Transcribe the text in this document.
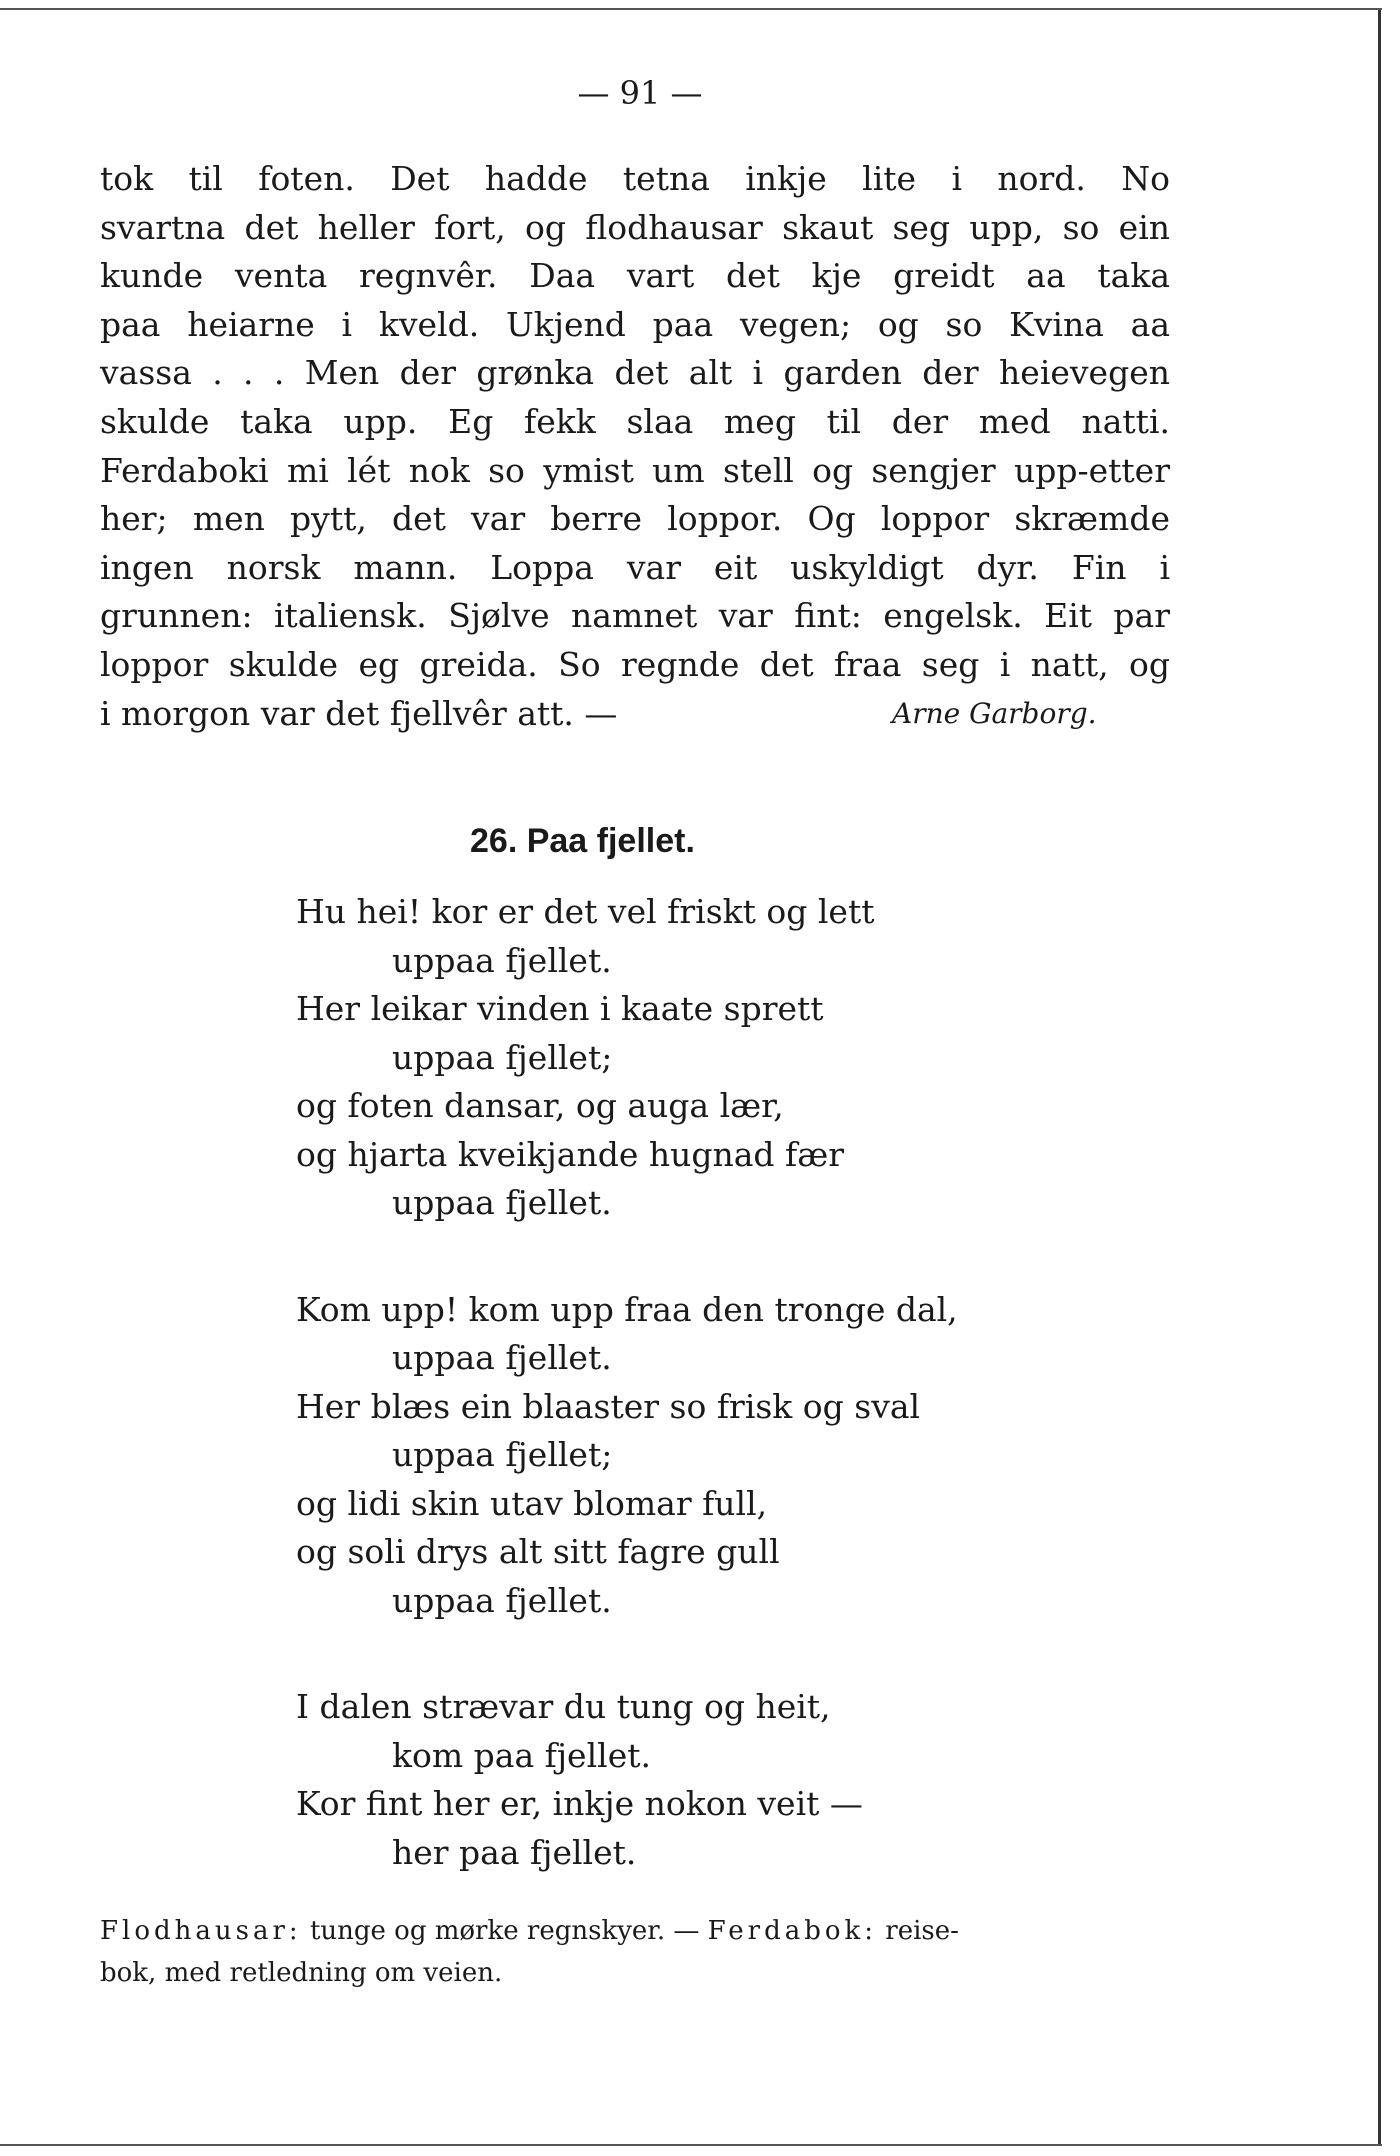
— 91 —
tok til foten. Det hadde tetna inkje lite i nord. No
svartna det heller fort, og flodhausar skaut seg upp, so ein
kunde venta regnvêr. Daa vart det kje greidt aa taka
paa heiarne i kveld. Ukjend paa vegen; og so Kvina aa
vassa . . . Men der grønka det alt i garden der heievegen
skulde taka upp. Eg fekk slaa meg til der med natti.
Ferdaboki mi lét nok so ymist um stell og sengjer upp-etter
her; men pytt, det var berre loppor. Og loppor skræmde
ingen norsk mann. Loppa var eit uskyldigt dyr. Fin i
grunnen: italiensk. Sjølve namnet var fint: engelsk. Eit par
loppor skulde eg greida. So regnde det fraa seg i natt, og
i morgon var det fjellvêr att. —	Arne Garborg.
26. Paa fjellet.
Hu hei! kor er det vel friskt og lett
uppaa fjellet.
Her leikar vinden i kaate sprett
uppaa fjellet;
og foten dansar, og auga lær,
og hjarta kveikjande hugnad fær
uppaa fjellet.
Kom upp! kom upp fraa den tronge dal,
uppaa fjellet.
Her blæs ein blaaster so frisk og sval
uppaa fjellet;
og lidi skin utav blomar full,
og soli drys alt sitt fagre gull
uppaa fjellet.
I dalen strævar du tung og heit,
kom paa fjellet.
Kor fint her er, inkje nokon veit —
her paa fjellet.
Flodhausar: tunge og mørke regnskyer. — Ferdabok: reise-
bok, med retledning om veien.
